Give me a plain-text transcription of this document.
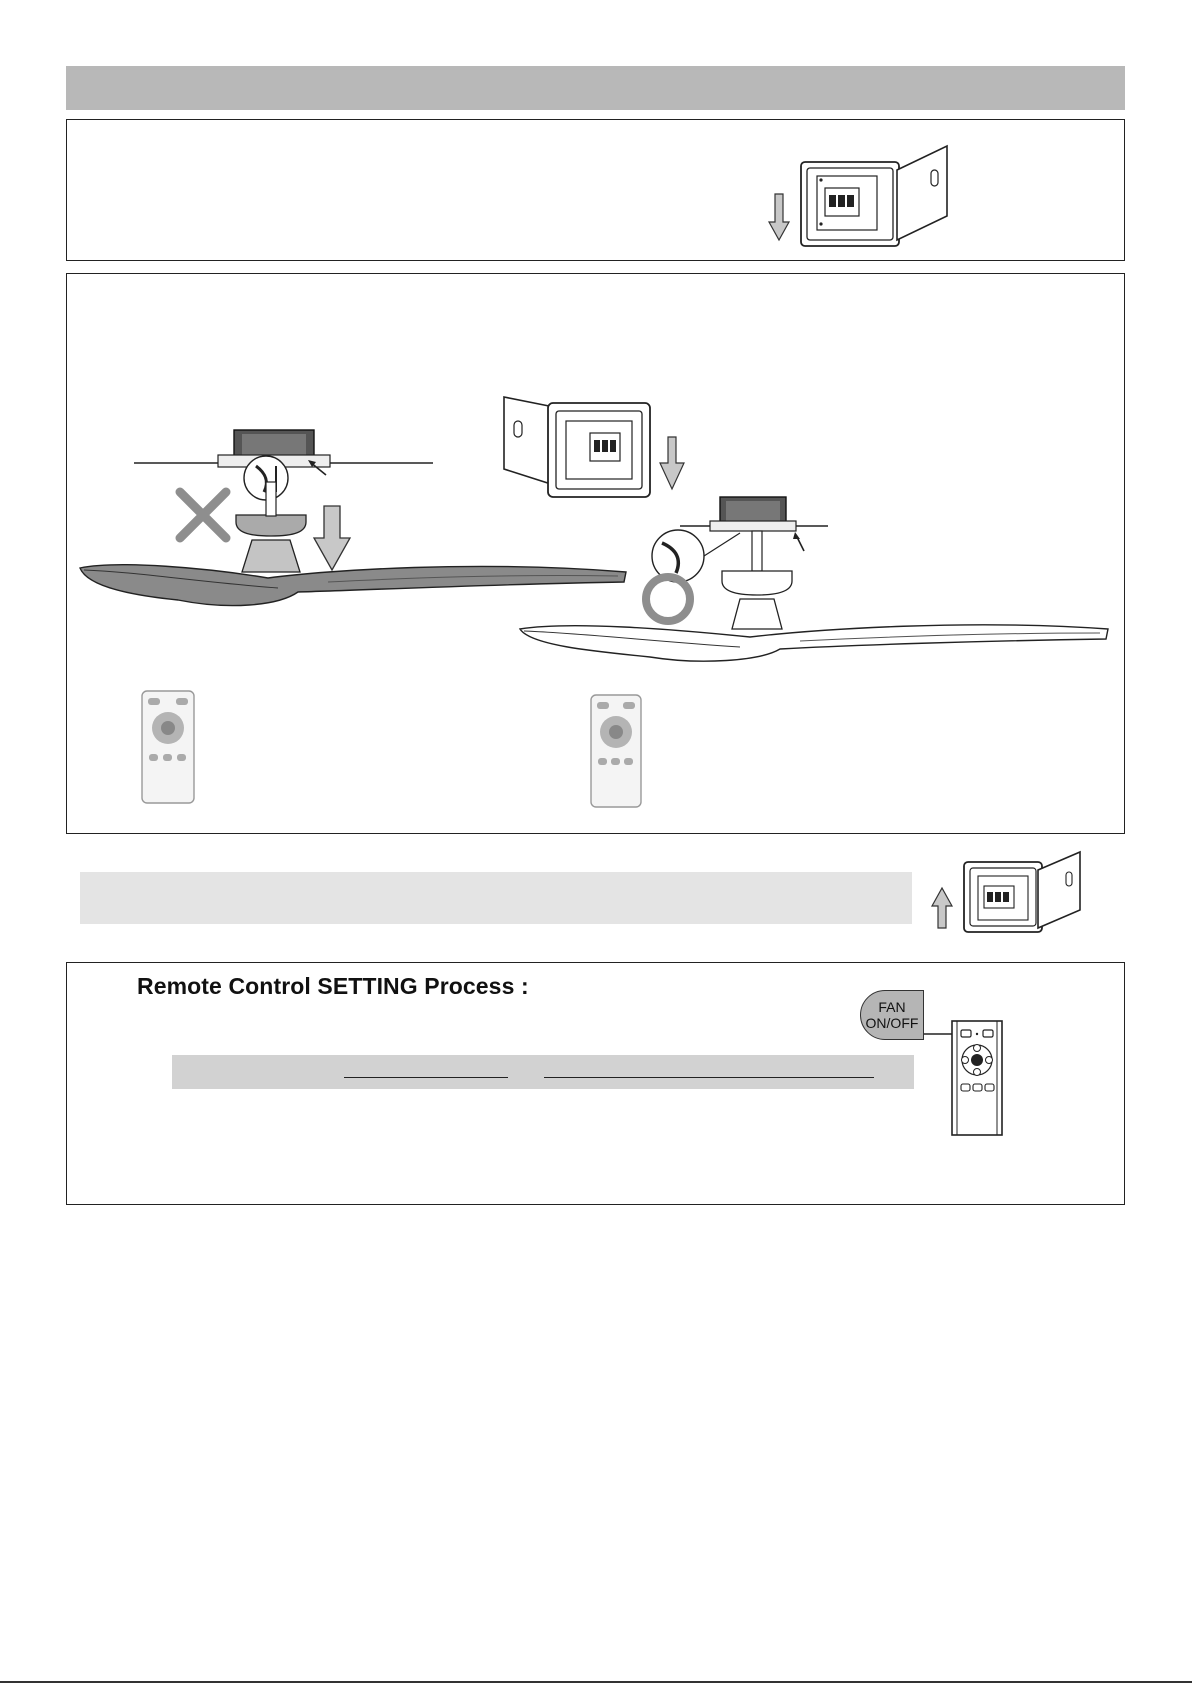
Remote Control SETTING Process :
FAN
ON/OFF
